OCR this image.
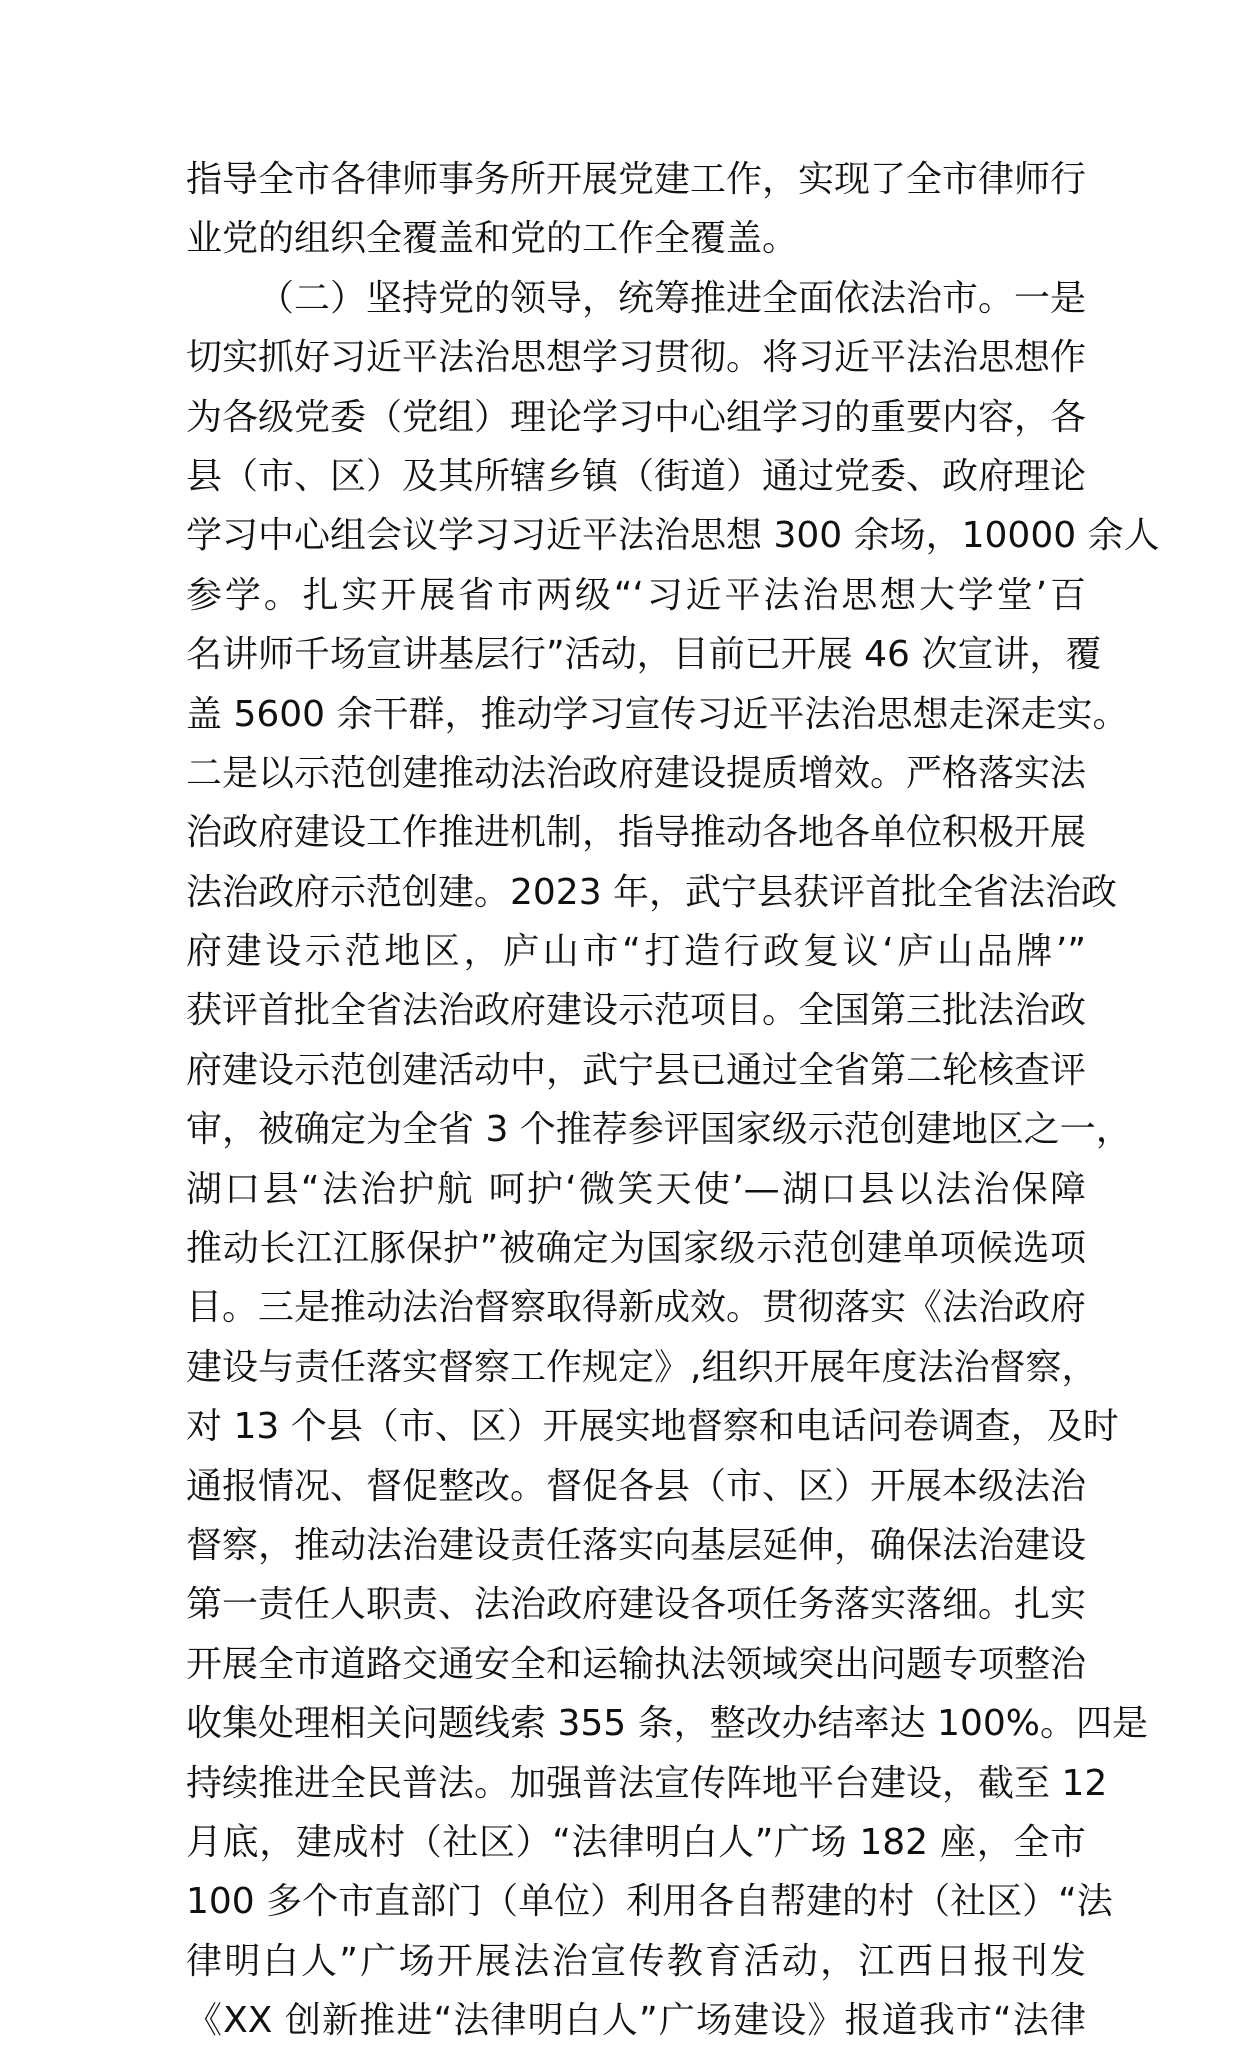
指导全市各律师事务所开展党建工作，实现了全市律师行
业党的组织全覆盖和党的工作全覆盖。
（二）坚持党的领导，统筹推进全面依法治市。一是
切实抓好习近平法治思想学习贯彻。将习近平法治思想作
为各级党委（党组）理论学习中心组学习的重要内容，各
县（市、区）及其所辖乡镇（街道）通过党委、政府理论
学习中心组会议学习习近平法治思想 300 余场，10000 余人
参学。扎实开展省市两级“‘习近平法治思想大学堂’百
名讲师千场宣讲基层行”活动，目前已开展 46 次宣讲，覆
盖 5600 余干群，推动学习宣传习近平法治思想走深走实。
二是以示范创建推动法治政府建设提质增效。严格落实法
治政府建设工作推进机制，指导推动各地各单位积极开展
法治政府示范创建。2023 年，武宁县获评首批全省法治政
府建设示范地区，庐山市“打造行政复议‘庐山品牌’”
获评首批全省法治政府建设示范项目。全国第三批法治政
府建设示范创建活动中，武宁县已通过全省第二轮核查评
审，被确定为全省 3 个推荐参评国家级示范创建地区之一，
湖口县“法治护航 呵护‘微笑天使’—湖口县以法治保障
推动长江江豚保护”被确定为国家级示范创建单项候选项
目。三是推动法治督察取得新成效。贯彻落实《法治政府
建设与责任落实督察工作规定》,组织开展年度法治督察，
对 13 个县（市、区）开展实地督察和电话问卷调查，及时
通报情况、督促整改。督促各县（市、区）开展本级法治
督察，推动法治建设责任落实向基层延伸，确保法治建设
第一责任人职责、法治政府建设各项任务落实落细。扎实
开展全市道路交通安全和运输执法领域突出问题专项整治
收集处理相关问题线索 355 条，整改办结率达 100%。四是
持续推进全民普法。加强普法宣传阵地平台建设，截至 12
月底，建成村（社区）“法律明白人”广场 182 座，全市
100 多个市直部门（单位）利用各自帮建的村（社区）“法
律明白人”广场开展法治宣传教育活动，江西日报刊发
《XX 创新推进“法律明白人”广场建设》报道我市“法律
